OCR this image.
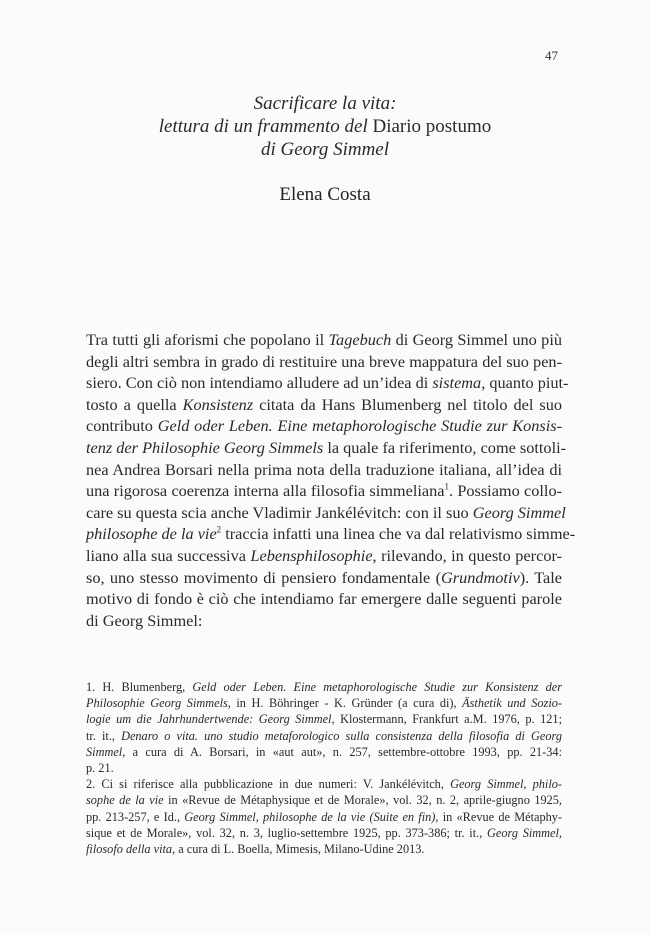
47
Sacrificare la vita:
lettura di un frammento del Diario postumo
di Georg Simmel
Elena Costa
Tra tutti gli aforismi che popolano il Tagebuch di Georg Simmel uno più
degli altri sembra in grado di restituire una breve mappatura del suo pen-
siero. Con ciò non intendiamo alludere ad un’idea di sistema, quanto piut-
tosto a quella Konsistenz citata da Hans Blumenberg nel titolo del suo
contributo Geld oder Leben. Eine metaphorologische Studie zur Konsis-
tenz der Philosophie Georg Simmels la quale fa riferimento, come sottoli-
nea Andrea Borsari nella prima nota della traduzione italiana, all’idea di
una rigorosa coerenza interna alla filosofia simmeliana$^1$. Possiamo collo-
care su questa scia anche Vladimir Jankélévitch: con il suo Georg Simmel
philosophe de la vie$^2$ traccia infatti una linea che va dal relativismo simme-
liano alla sua successiva Lebensphilosophie, rilevando, in questo percor-
so, uno stesso movimento di pensiero fondamentale (Grundmotiv). Tale
motivo di fondo è ciò che intendiamo far emergere dalle seguenti parole
di Georg Simmel:
1. H. Blumenberg, Geld oder Leben. Eine metaphorologische Studie zur Konsistenz der
Philosophie Georg Simmels, in H. Böhringer - K. Gründer (a cura di), Ästhetik und Sozio-
logie um die Jahrhundertwende: Georg Simmel, Klostermann, Frankfurt a.M. 1976, p. 121;
tr. it., Denaro o vita. uno studio metaforologico sulla consistenza della filosofia di Georg
Simmel, a cura di A. Borsari, in «aut aut», n. 257, settembre-ottobre 1993, pp. 21-34:
p. 21.
2. Ci si riferisce alla pubblicazione in due numeri: V. Jankélévitch, Georg Simmel, philo-
sophe de la vie in «Revue de Métaphysique et de Morale», vol. 32, n. 2, aprile-giugno 1925,
pp. 213-257, e Id., Georg Simmel, philosophe de la vie (Suite en fin), in «Revue de Métaphy-
sique et de Morale», vol. 32, n. 3, luglio-settembre 1925, pp. 373-386; tr. it., Georg Simmel,
filosofo della vita, a cura di L. Boella, Mimesis, Milano-Udine 2013.
